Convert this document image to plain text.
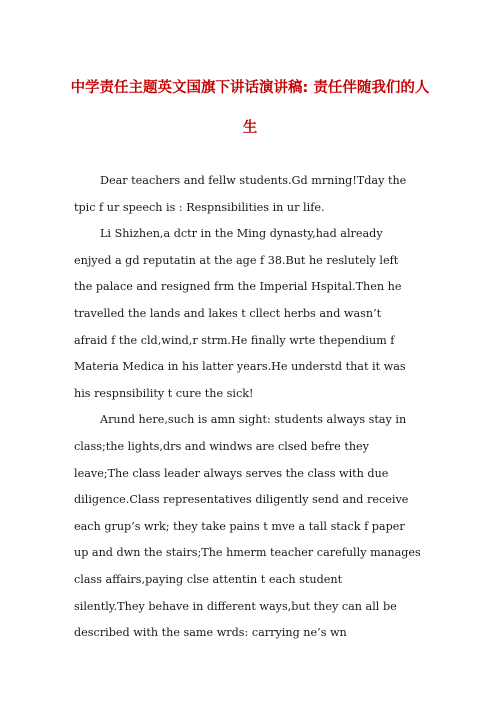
中学责任主题英文国旗下讲话演讲稿: 责任伴随我们的人
生
Dear teachers and fellw students.Gd mrning!Tday the
tpic f ur speech is : Respnsibilities in ur life.
Li Shizhen,a dctr in the Ming dynasty,had already
enjyed a gd reputatin at the age f 38.But he reslutely left
the palace and resigned frm the Imperial Hspital.Then he
travelled the lands and lakes t cllect herbs and wasn’t
afraid f the cld,wind,r strm.He finally wrte thependium f
Materia Medica in his latter years.He understd that it was
his respnsibility t cure the sick!
Arund here,such is amn sight: students always stay in
class;the lights,drs and windws are clsed befre they
leave;The class leader always serves the class with due
diligence.Class representatives diligently send and receive
each grup’s wrk; they take pains t mve a tall stack f paper
up and dwn the stairs;The hmerm teacher carefully manages
class affairs,paying clse attentin t each student
silently.They behave in different ways,but they can all be
described with the same wrds: carrying ne’s wn
